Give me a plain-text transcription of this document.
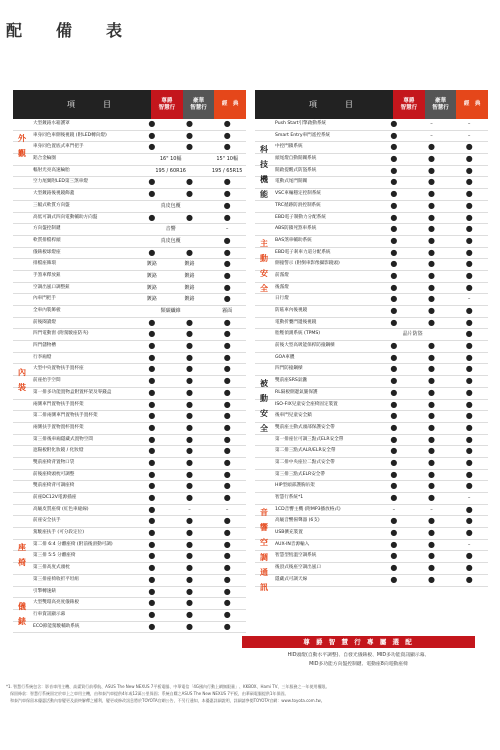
配　備　表
項　　目	尊爵
智慧行
豪華
智慧行
經　典
大型鍍鉻水箱護罩	●	●	●
車身同色車側後視鏡 (附LED轉向燈)	●	●	●
車身同色置底式車門把手	●	●	●
鋁合金輪圈	16" 10輻	15" 10輻
輻射光亮高速輪胎	195 / 60R16	195 / 65R15
空力尾翼附LED第三煞車燈	●	●	●
大型鍍鉻後視鏡飾蓋	●	●	●
三幅式軟質方向盤	真皮包覆	●
高低可調式四向電動輔助方向盤	●	●	●
方向盤控制鍵	音響	–
軟質排檔桿頭	真皮包覆	●
儀錶板球燈座	●	●	●
排檔座飾環	鍍鉻	鍍鉻	●
手煞車釋放鈕	鍍鉻	鍍鉻	●
空調出風口調整鈕	鍍鉻	鍍鉻	●
內車門把手	鍍鉻	鍍鉻	●
全車內裝飾板	類碳纖維	霧面
前後閱讀燈	●	●	●
四門電動窗 (附駕駛座防夾)	●	●	●
四門儲物槽	●	●	●
行李廂燈	●	●	●
大型中央置物扶手置杯座	●	●	●
前座抬手空間	●	●	●
第一排多功能置物盒附置杯架及零錢盒	●	●	●
兩側車門置物扶手置杯架	●	●	●
第二排兩側車門置物扶手置杯架	●	●	●
兩側扶手置物置杯置杯架	●	●	●
第三排後車廂隱藏式置物空間	●	●	●
遮陽板附化妝鏡 / 化妝燈	●	●	●
雙前座椅背置物口袋	●	●	●
前後座椅頭枕可調整	●	●	●
雙前座椅背可調座椅	●	●	●
前座DC12V電源插座	●	●	●
高級皮質座椅 (紅色車縫線)	●	–	–
前座安全扶手	●	●	●
駕駛座扶手 (可分段定位)	●	●	●
第二排 6:4 分離座椅 (附前後滑動可調)	●	●	●
第三排 5:5 分離座椅	●	●	●
第三排高度式頭枕	●	●	●
第三排座椅收折平坦組	●	●	●
引擎轉速錶	●	●	●
大型雙環高亮度儀錶板	●	●	●
行車資訊顯示幕	●	●	●
ECO節能駕駛輔助系統	●	●	●
外
觀
內
裝
座
椅
儀
錶
項　　目	尊爵
智慧行
豪華
智慧行
經　典
Push Start引擎啟動系統	●	–	–
Smart Entry車門遙控系統	●	–	–
中控門鎖系統	●	●	●
頭尾燈自動開關系統	●	●	●
開啟提醒式防盜系統	●	●	●
電動式尾門開關	●	●	●
VSC車輛穩定控制系統	●	●	●
TRC循跡防滑控制系統	●	●	●
EBD電子制動力分配系統	●	●	●
ABS防鎖死煞車系統	●	●	●
BAS煞車輔助系統	●	●	●
EBD電子剎車力道分配系統	●	●	●
側撞警示 (附倒車影像攝影鏡頭)	●	●	●
前霧燈	●	●	●
後霧燈	●	●	●
日行燈	●	●	–
防眩車內後視鏡	●	●	●
電動折疊門邊後視鏡	●	●	●
胎壓偵測系統 (TPMS)	晶片防盜	●
前後大型高吸能保桿防撞鋼樑	●	●	●
GOA車體	●	●	●
四門防撞鋼樑	●	●	●
雙前座SRS氣囊	●	●	●
RL隔板側邊氣簾保護	●	●	●
ISO-FIX兒童安全座椅固定裝置	●	●	●
後車門兒童安全鎖	●	●	●
雙前座主動式頭部保護安全帶	●	●	●
第一排座位可調三點式ELR安全帶	●	●	●
第二排三點式ALR/ELR安全帶	●	●	●
第二排中央座位二點式安全帶	●	●	●
第三排三點式ELR安全帶	●	●	●
HIP型頭部護胸吊架	●	●	●
智慧行系統*1	●	●	–
1CD音響主機 (附MP3播放格式)	–	–	●
高級音響揚聲器 (6支)	●	●	●
USB擴充裝置	●	●	●
AUX-IN音源輸入	●	●	–
智慧型恆溫空調系統	●	●	●
後頂式後座空調出風口	●	●	●
隱藏式可調天線	●	●	●
科
技
機
能
主
動
安
全
被
動
安
全
音
響
空
調
通
訊
尊 爵 智 慧 行 專 屬 選 配
HID頭燈(自動水平調整)、自發光儀錶板、MID多功能資訊顯示幕、
MID多功能方向盤控制鍵、電動座8向電動座椅
*1. 智慧行系統包含：影音車用主機、高畫質行前導航、ASUS The New NEXUS 7平板電腦、中華電信「4G國內行動上網無限量」、KKBOX、Hami TV、三年服務之一年使用權限。
　保固條款：智慧行系統固定於車上之車用主機，由和泰汽車提供4年或12萬公里保固；系統自購之ASUS The New NEXUS 7平板，由華碩電腦提供1年保固。
　和泰汽車保留本優惠活動內容變更及最終解釋之權利，變更或修改訊息將於TOYOTA官網公告，不另行通知，本優惠詳細說明，詳細請參閱TOYOTA官網：www.toyota.com.tw。
